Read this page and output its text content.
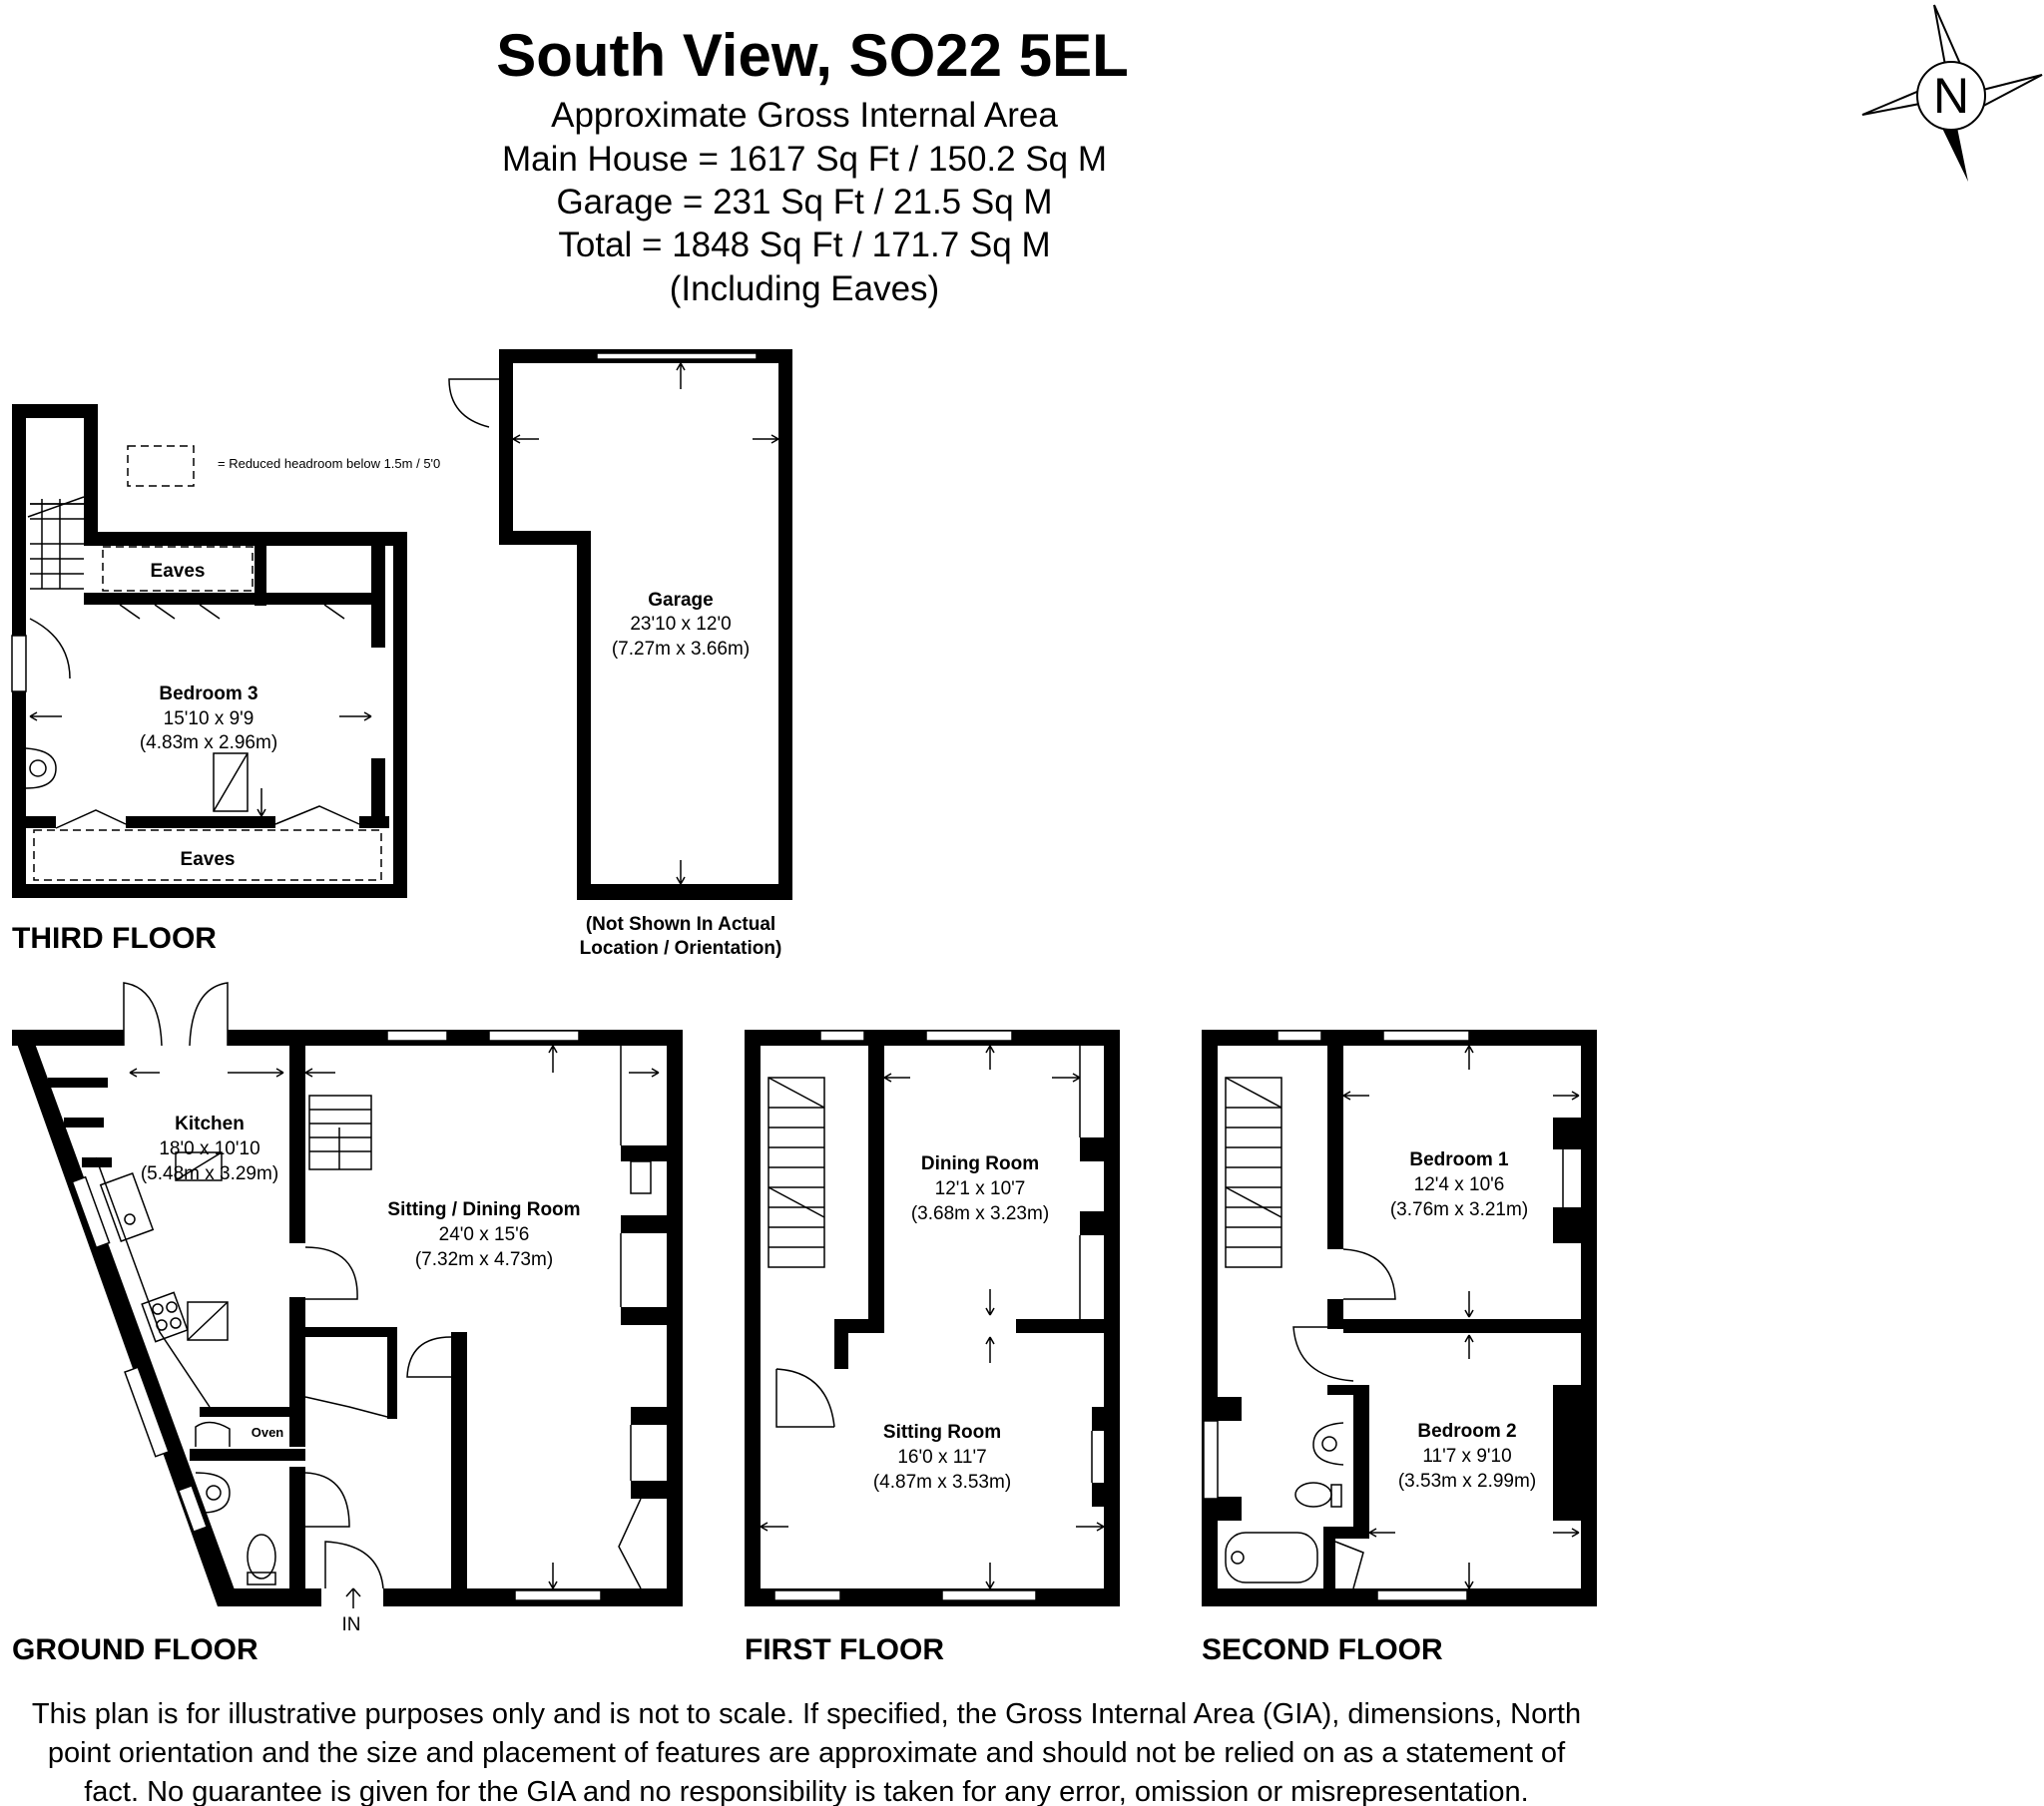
South View, SO22 5EL
Approximate Gross Internal Area
Main House = 1617 Sq Ft / 150.2 Sq M
Garage = 231 Sq Ft / 21.5 Sq M
Total = 1848 Sq Ft / 171.7 Sq M
(Including Eaves)
N
= Reduced headroom below 1.5m / 5'0
Eaves
Eaves
Bedroom 3
15'10 x 9'9
(4.83m x 2.96m)
THIRD FLOOR
Garage
23'10 x 12'0
(7.27m x 3.66m)
(Not Shown In Actual
Location / Orientation)
Oven
IN
Kitchen
18'0 x 10'10
(5.48m x 3.29m)
Sitting / Dining Room
24'0 x 15'6
(7.32m x 4.73m)
GROUND FLOOR
Dining Room
12'1 x 10'7
(3.68m x 3.23m)
Sitting Room
16'0 x 11'7
(4.87m x 3.53m)
FIRST FLOOR
Bedroom 1
12'4 x 10'6
(3.76m x 3.21m)
Bedroom 2
11'7 x 9'10
(3.53m x 2.99m)
SECOND FLOOR
This plan is for illustrative purposes only and is not to scale. If specified, the Gross Internal Area (GIA), dimensions, North
point orientation and the size and placement of features are approximate and should not be relied on as a statement of
fact. No guarantee is given for the GIA and no responsibility is taken for any error, omission or misrepresentation.
